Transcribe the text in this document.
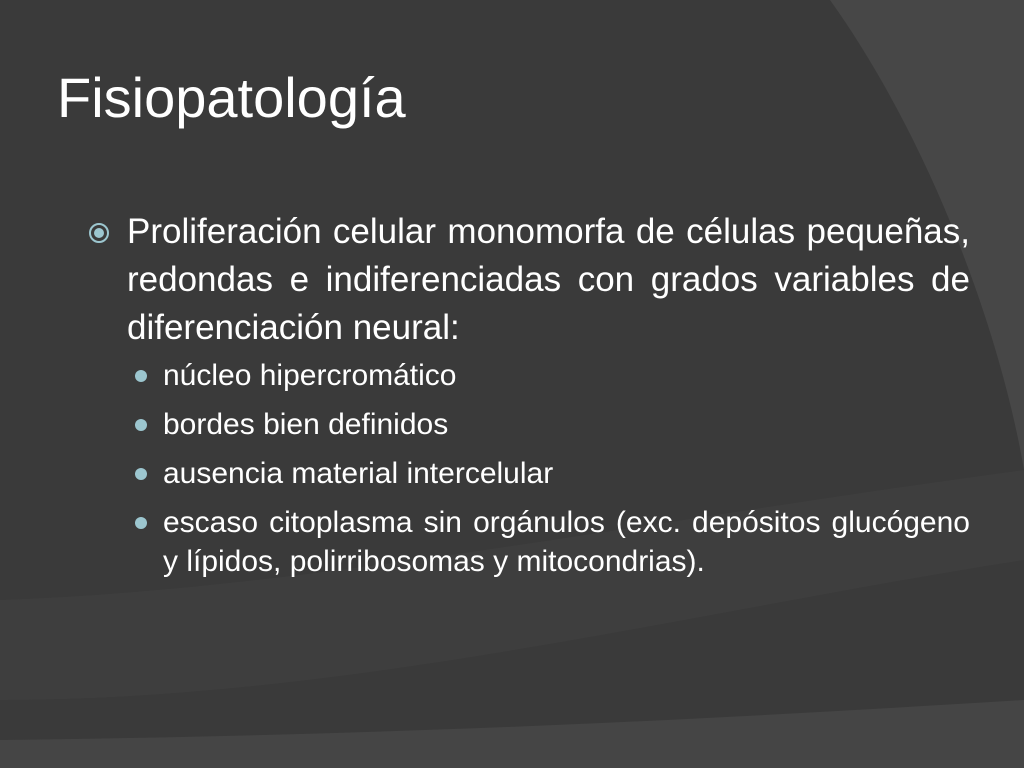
Fisiopatología
Proliferación celular monomorfa de células pequeñas, redondas e indiferenciadas con grados variables de diferenciación neural:
núcleo hipercromático
bordes bien definidos
ausencia material intercelular
escaso citoplasma sin orgánulos (exc. depósitos glucógeno y lípidos, polirribosomas y mitocondrias).
